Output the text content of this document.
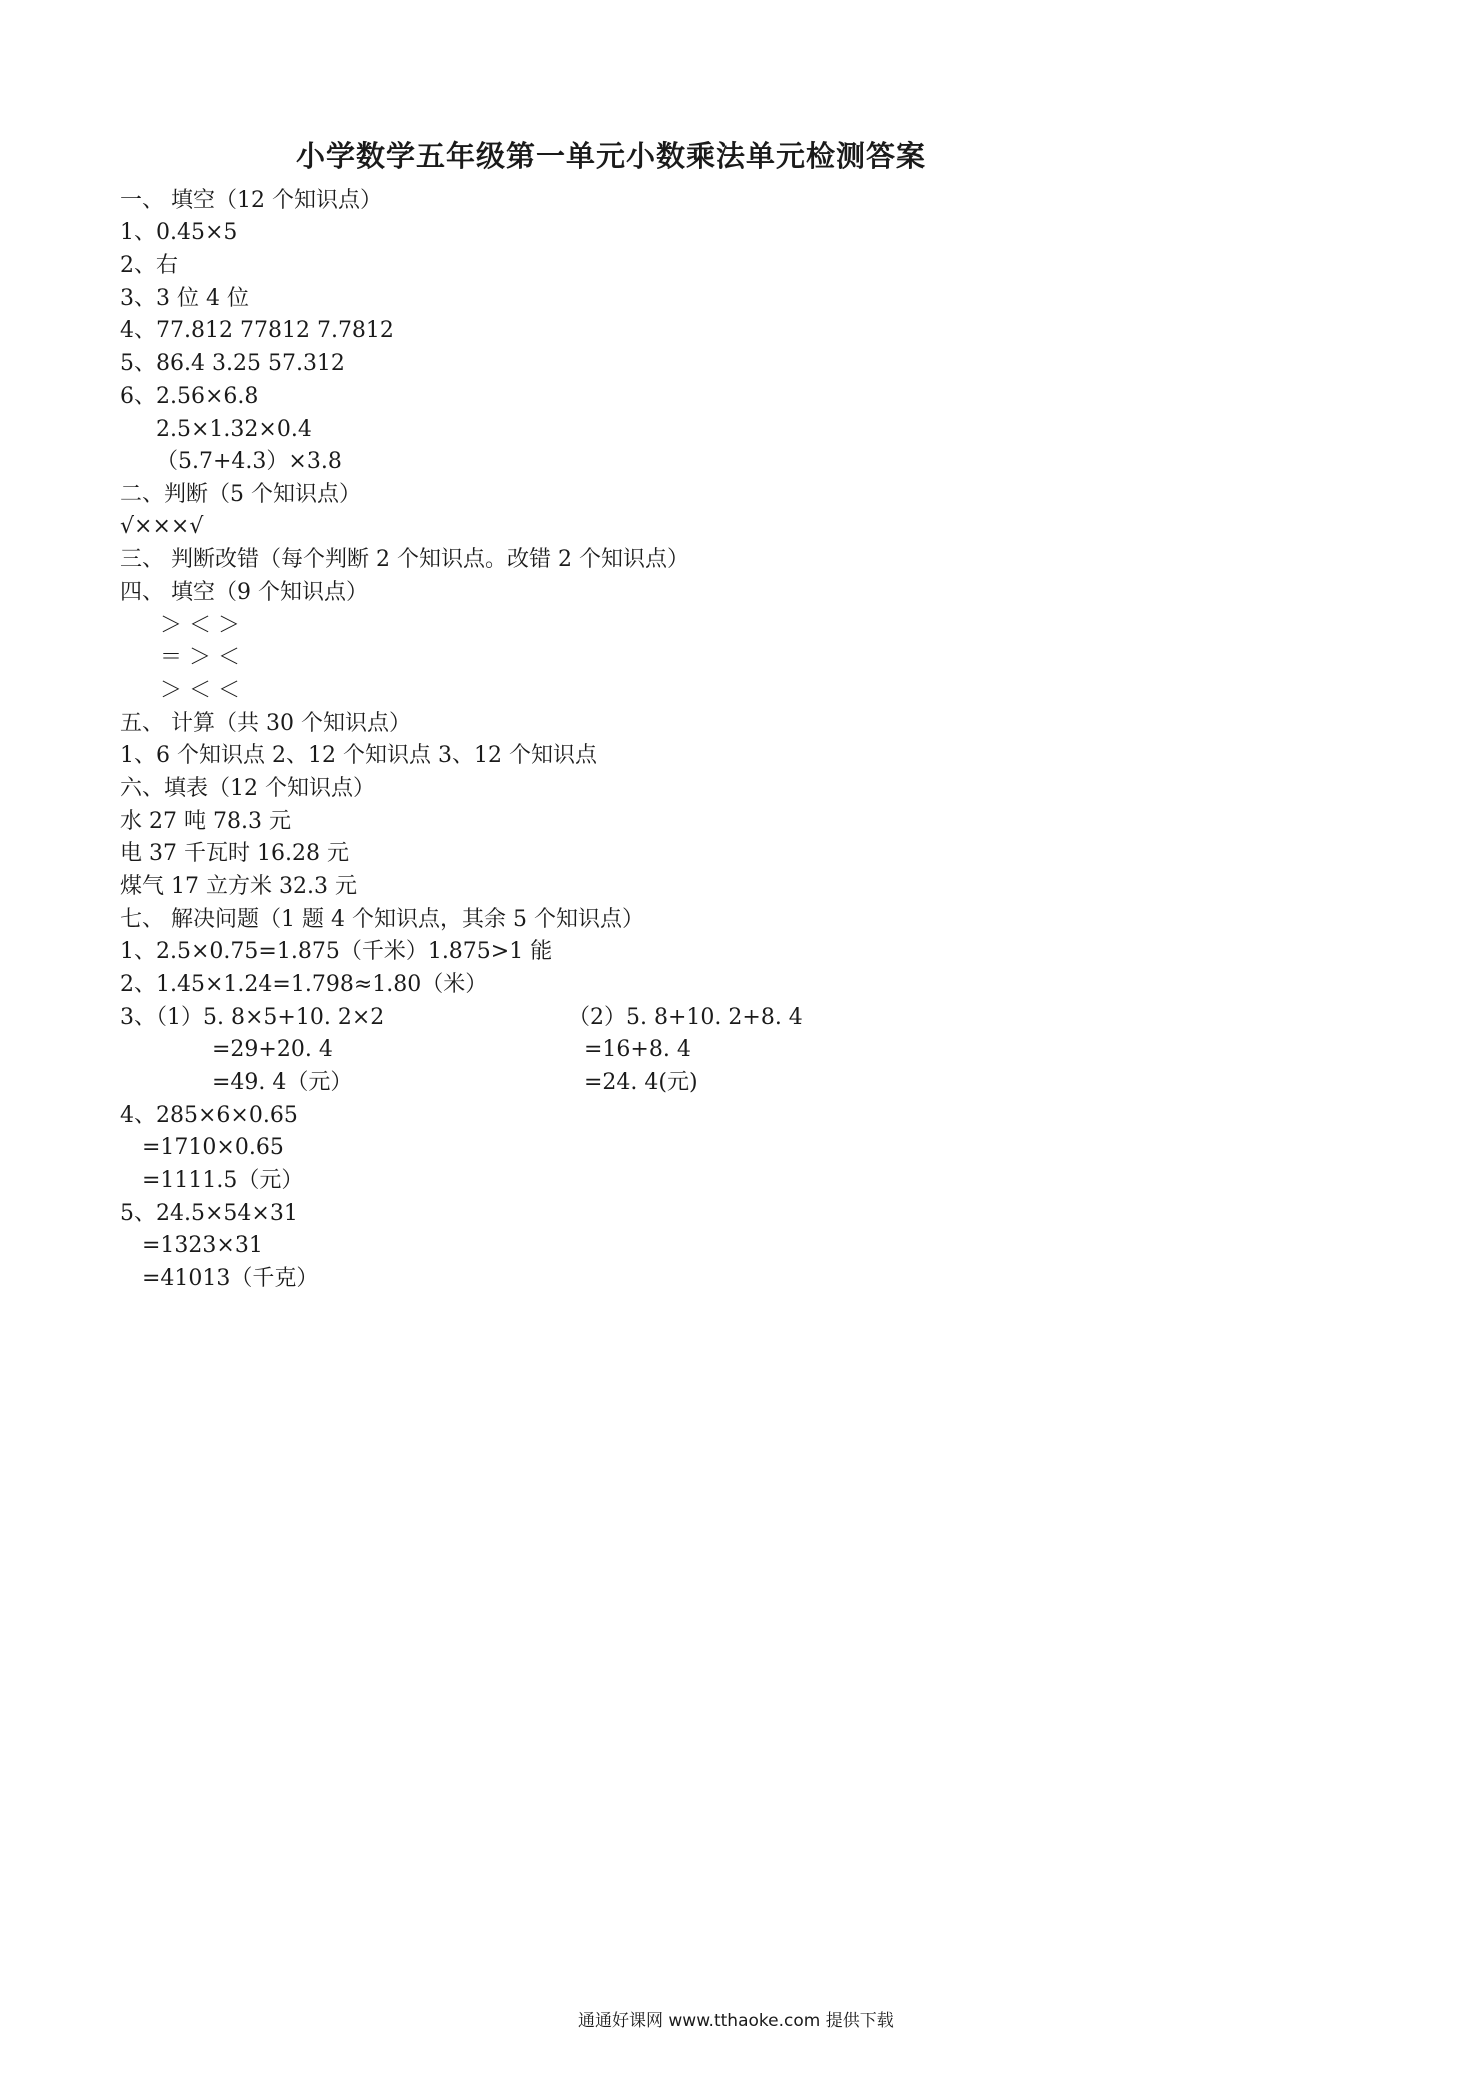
小学数学五年级第一单元小数乘法单元检测答案
一、 填空（12 个知识点）
1、0.45×5
2、右
3、3 位 4 位
4、77.812 77812 7.7812
5、86.4 3.25 57.312
6、2.56×6.8
2.5×1.32×0.4
（5.7+4.3）×3.8
二、判断（5 个知识点）
√×××√
三、 判断改错（每个判断 2 个知识点。改错 2 个知识点）
四、 填空（9 个知识点）
＞ ＜ ＞
＝ ＞ ＜
＞ ＜ ＜
五、 计算（共 30 个知识点）
1、6 个知识点 2、12 个知识点 3、12 个知识点
六、填表（12 个知识点）
水 27 吨 78.3 元
电 37 千瓦时 16.28 元
煤气 17 立方米 32.3 元
七、 解决问题（1 题 4 个知识点，其余 5 个知识点）
1、2.5×0.75=1.875（千米）1.875>1 能
2、1.45×1.24=1.798≈1.80（米）
3、（1）5. 8×5+10. 2×2	（2）5. 8+10. 2+8. 4
=29+20. 4	=16+8. 4
=49. 4（元）	=24. 4(元)
4、285×6×0.65
=1710×0.65
=1111.5（元）
5、24.5×54×31
=1323×31
=41013（千克）
通通好课网 www.tthaoke.com 提供下载
